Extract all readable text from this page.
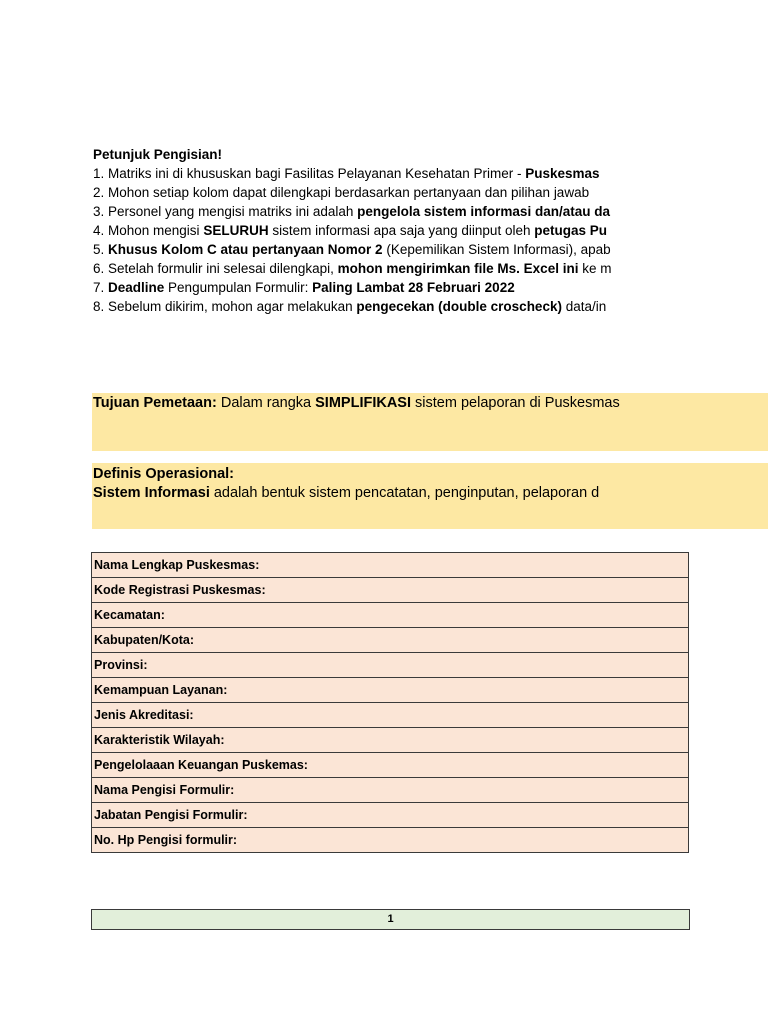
Petunjuk Pengisian!
1. Matriks ini di khususkan bagi Fasilitas Pelayanan Kesehatan Primer - Puskesmas
2. Mohon setiap kolom dapat dilengkapi berdasarkan pertanyaan dan pilihan jawab
3. Personel yang mengisi matriks ini adalah pengelola sistem informasi dan/atau da
4. Mohon mengisi SELURUH sistem informasi apa saja yang diinput oleh petugas Pu
5. Khusus Kolom C atau pertanyaan Nomor 2 (Kepemilikan Sistem Informasi), apab
6. Setelah formulir ini selesai dilengkapi, mohon mengirimkan file Ms. Excel ini ke m
7. Deadline Pengumpulan Formulir: Paling Lambat 28 Februari 2022
8. Sebelum dikirim, mohon agar melakukan pengecekan (double croscheck) data/in
Tujuan Pemetaan: Dalam rangka SIMPLIFIKASI sistem pelaporan di Puskesmas
Definis Operasional:
Sistem Informasi adalah bentuk sistem pencatatan, penginputan, pelaporan d
Nama Lengkap Puskesmas:
Kode Registrasi Puskesmas:
Kecamatan:
Kabupaten/Kota:
Provinsi:
Kemampuan Layanan:
Jenis Akreditasi:
Karakteristik Wilayah:
Pengelolaaan Keuangan Puskemas:
Nama Pengisi Formulir:
Jabatan Pengisi Formulir:
No. Hp Pengisi formulir:
1
